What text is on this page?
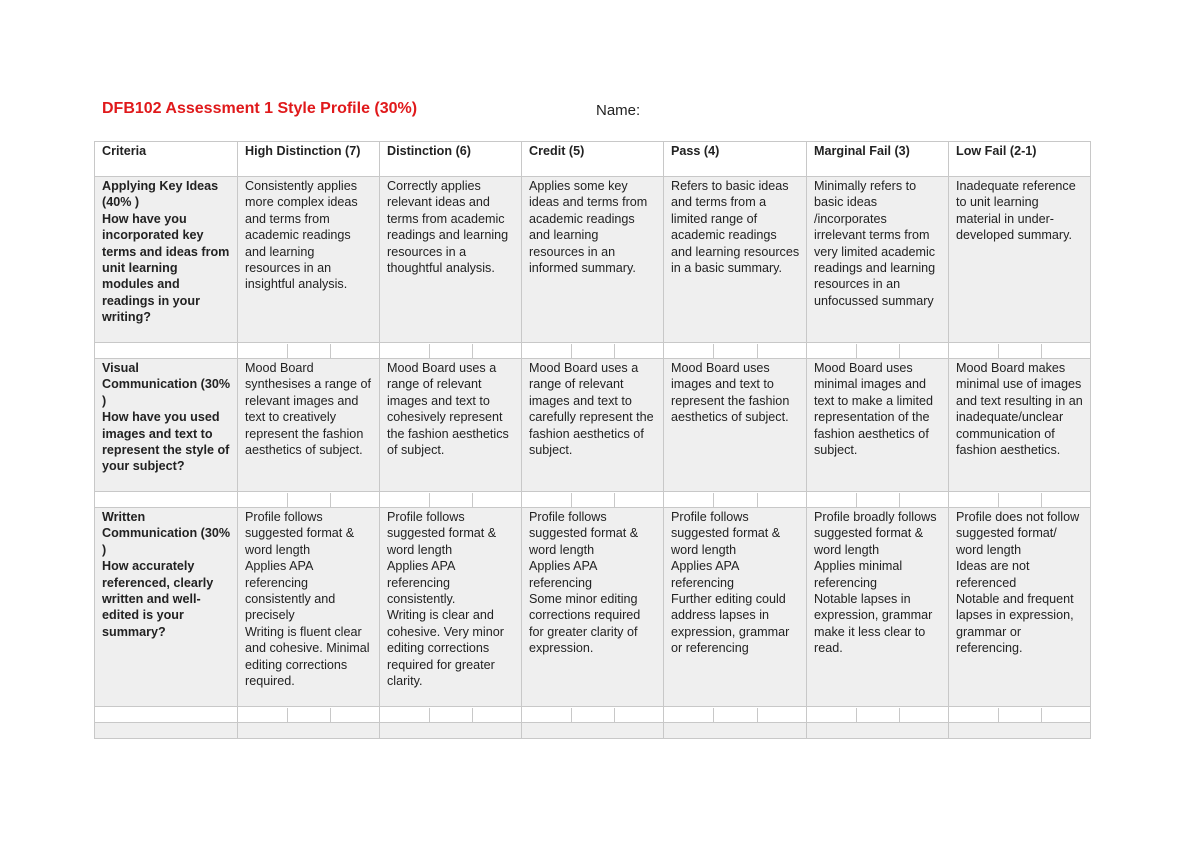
DFB102 Assessment 1 Style Profile (30%)	Name:
Criteria	High Distinction (7)	Distinction (6)	Credit (5)	Pass (4)	Marginal Fail (3)	Low Fail (2-1)
Applying Key Ideas (40% )
How have you incorporated key terms and ideas from unit learning modules and readings in your writing?	Consistently applies more complex ideas and terms from academic readings and learning resources in an insightful analysis.	Correctly applies relevant ideas and terms from academic readings and learning resources in a thoughtful analysis.	Applies some key ideas and terms from academic readings and learning resources in an informed summary.	Refers to basic ideas and terms from a limited range of academic readings and learning resources in a basic summary.	Minimally refers to basic ideas /incorporates irrelevant terms from very limited academic readings and learning resources in an unfocussed summary	Inadequate reference to unit learning material in under-developed summary.

Visual Communication (30% )
How have you used images and text to represent the style of your subject?	Mood Board synthesises a range of relevant images and text to creatively represent the fashion aesthetics of subject.	Mood Board uses a range of relevant images and text to cohesively represent the fashion aesthetics of subject.	Mood Board uses a range of relevant images and text to carefully represent the fashion aesthetics of subject.	Mood Board uses images and text to represent the fashion aesthetics of subject.	Mood Board uses minimal images and text to make a limited representation of the fashion aesthetics of subject.	Mood Board makes minimal use of images and text resulting in an inadequate/unclear communication of fashion aesthetics.

Written Communication (30% )
How accurately referenced, clearly written and well-edited is your summary?	Profile follows suggested format & word length
Applies APA referencing consistently and precisely
Writing is fluent clear and cohesive. Minimal editing corrections required.	Profile follows suggested format & word length
Applies APA referencing consistently.
Writing is clear and cohesive. Very minor editing corrections required for greater clarity.	Profile follows suggested format & word length
Applies APA referencing
Some minor editing corrections required for greater clarity of expression.	Profile follows suggested format & word length
Applies APA referencing
Further editing could address lapses in expression, grammar or referencing	Profile broadly follows suggested format & word length
Applies minimal referencing
Notable lapses in expression, grammar make it less clear to read.	Profile does not follow suggested format/ word length
Ideas are not referenced
Notable and frequent lapses in expression, grammar or referencing.
